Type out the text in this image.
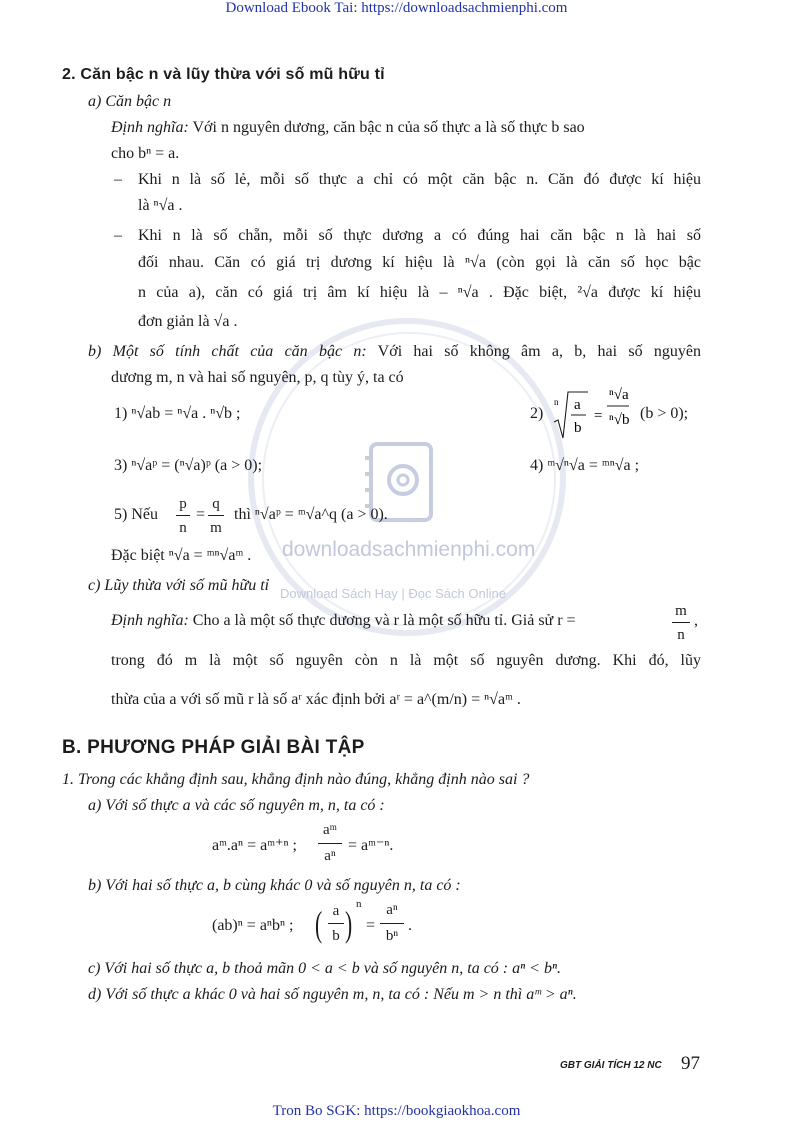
downloadsachmienphi.com
Download Sách Hay | Đọc Sách Online
Download Ebook Tai: https://downloadsachmienphi.com
Tron Bo SGK: https://bookgiaokhoa.com
2. Căn bậc n và lũy thừa với số mũ hữu tỉ
a) Căn bậc n
Định nghĩa: Với n nguyên dương, căn bậc n của số thực a là số thực b sao
cho bⁿ = a.
– Khi n là số lẻ, mỗi số thực a chỉ có một căn bậc n. Căn đó được kí hiệu
là ⁿ√a .
– Khi n là số chẵn, mỗi số thực dương a có đúng hai căn bậc n là hai số
đối nhau. Căn có giá trị dương kí hiệu là ⁿ√a (còn gọi là căn số học bậc
n của a), căn có giá trị âm kí hiệu là – ⁿ√a . Đặc biệt, ²√a được kí hiệu
đơn giản là √a .
b) Một số tính chất của căn bậc n: Với hai số không âm a, b, hai số nguyên
dương m, n và hai số nguyên, p, q tùy ý, ta có
1) ⁿ√ab = ⁿ√a . ⁿ√b ;	2)
n a
b
=
ⁿ√a
ⁿ√b (b > 0);
3) ⁿ√aᵖ = (ⁿ√a)ᵖ (a > 0);	4) ᵐ√ⁿ√a = ᵐⁿ√a ;
5) Nếu
p
n
=
q
m
thì ⁿ√aᵖ = ᵐ√a^q (a > 0).
Đặc biệt ⁿ√a = ᵐⁿ√aᵐ .
c) Lũy thừa với số mũ hữu tỉ
Định nghĩa: Cho a là một số thực dương và r là một số hữu tỉ. Giả sử r =
m
n
,
trong đó m là một số nguyên còn n là một số nguyên dương. Khi đó, lũy
thừa của a với số mũ r là số aʳ xác định bởi aʳ = a^(m/n) = ⁿ√aᵐ .
B. PHƯƠNG PHÁP GIẢI BÀI TẬP
1. Trong các khẳng định sau, khẳng định nào đúng, khẳng định nào sai ?
a) Với số thực a và các số nguyên m, n, ta có :
aᵐ.aⁿ = aᵐ⁺ⁿ ;
aᵐ
aⁿ
= aᵐ⁻ⁿ.
b) Với hai số thực a, b cùng khác 0 và số nguyên n, ta có :
(ab)ⁿ = aⁿbⁿ ; ( a
b ) n
=
aⁿ
bⁿ
.
c) Với hai số thực a, b thoả mãn 0 < a < b và số nguyên n, ta có : aⁿ < bⁿ.
d) Với số thực a khác 0 và hai số nguyên m, n, ta có : Nếu m > n thì aᵐ > aⁿ.
GBT GIẢI TÍCH 12 NC 97
